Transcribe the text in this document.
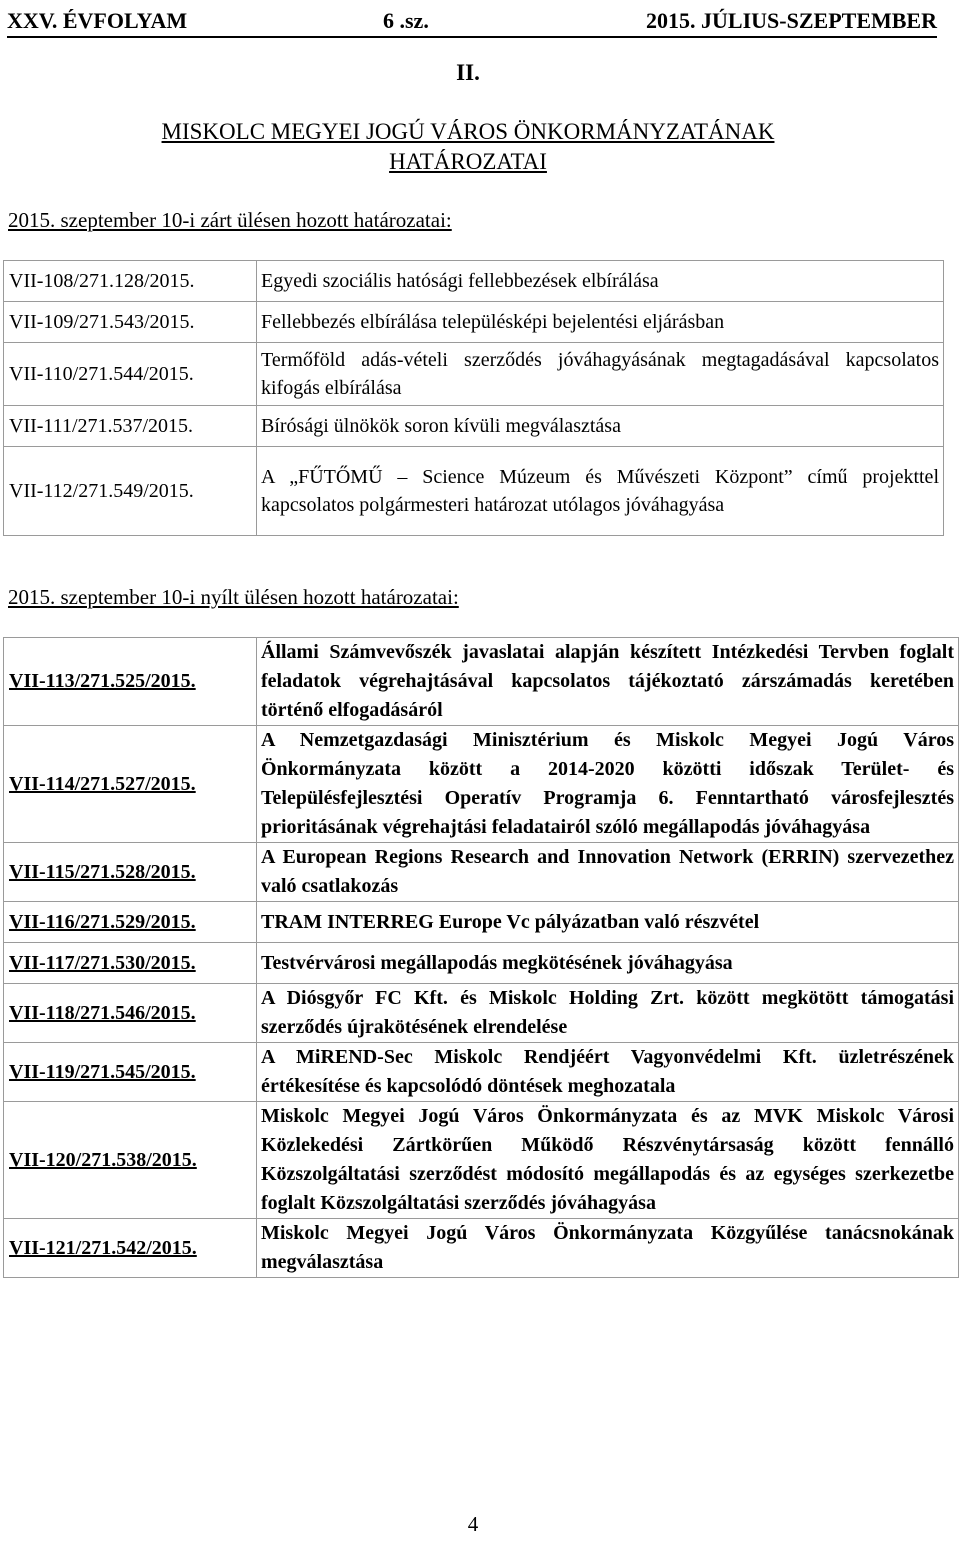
XXV. ÉVFOLYAM	6 .sz.	2015. JÚLIUS-SZEPTEMBER
II.
MISKOLC MEGYEI JOGÚ VÁROS ÖNKORMÁNYZATÁNAK
HATÁROZATAI
2015. szeptember 10-i zárt ülésen hozott határozatai:
VII-108/271.128/2015.	Egyedi szociális hatósági fellebbezések elbírálása
VII-109/271.543/2015.	Fellebbezés elbírálása településképi bejelentési eljárásban
VII-110/271.544/2015.	Termőföld adás-vételi szerződés jóváhagyásának megtagadásával kapcsolatos kifogás elbírálása
VII-111/271.537/2015.	Bírósági ülnökök soron kívüli megválasztása
VII-112/271.549/2015.	A „FŰTŐMŰ – Science Múzeum és Művészeti Központ” című projekttel kapcsolatos polgármesteri határozat utólagos jóváhagyása
2015. szeptember 10-i nyílt ülésen hozott határozatai:
VII-113/271.525/2015.	Állami Számvevőszék javaslatai alapján készített Intézkedési Tervben foglalt feladatok végrehajtásával kapcsolatos tájékoztató zárszámadás keretében történő elfogadásáról
VII-114/271.527/2015.	A Nemzetgazdasági Minisztérium és Miskolc Megyei Jogú Város Önkormányzata között a 2014-2020 közötti időszak Terület- és Településfejlesztési Operatív Programja 6. Fenntartható városfejlesztés prioritásának végrehajtási feladatairól szóló megállapodás jóváhagyása
VII-115/271.528/2015.	A European Regions Research and Innovation Network (ERRIN) szervezethez való csatlakozás
VII-116/271.529/2015.	TRAM INTERREG Europe Vc pályázatban való részvétel
VII-117/271.530/2015.	Testvérvárosi megállapodás megkötésének jóváhagyása
VII-118/271.546/2015.	A Diósgyőr FC Kft. és Miskolc Holding Zrt. között megkötött támogatási szerződés újrakötésének elrendelése
VII-119/271.545/2015.	A MiREND-Sec Miskolc Rendjéért Vagyonvédelmi Kft. üzletrészének értékesítése és kapcsolódó döntések meghozatala
VII-120/271.538/2015.	Miskolc Megyei Jogú Város Önkormányzata és az MVK Miskolc Városi Közlekedési Zártkörűen Működő Részvénytársaság között fennálló Közszolgáltatási szerződést módosító megállapodás és az egységes szerkezetbe foglalt Közszolgáltatási szerződés jóváhagyása
VII-121/271.542/2015.	Miskolc Megyei Jogú Város Önkormányzata Közgyűlése tanácsnokának megválasztása
4
